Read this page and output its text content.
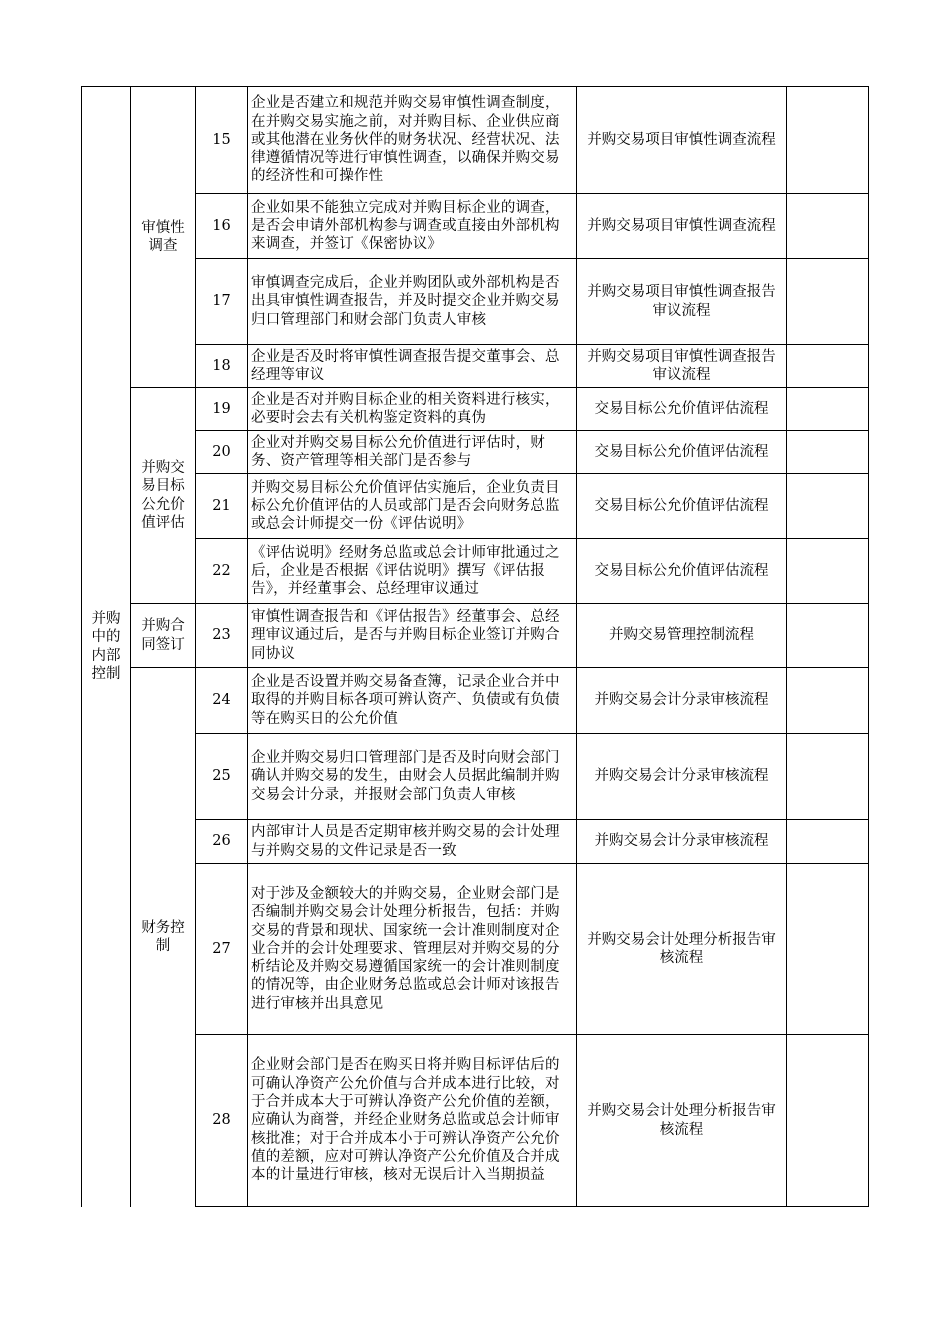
并购中的内部控制	审慎性调查	15	企业是否建立和规范并购交易审慎性调查制度，在并购交易实施之前，对并购目标、企业供应商或其他潜在业务伙伴的财务状况、经营状况、法律遵循情况等进行审慎性调查，以确保并购交易的经济性和可操作性	并购交易项目审慎性调查流程	
		16	企业如果不能独立完成对并购目标企业的调查，是否会申请外部机构参与调查或直接由外部机构来调查，并签订《保密协议》	并购交易项目审慎性调查流程	
		17	审慎调查完成后，企业并购团队或外部机构是否出具审慎性调查报告，并及时提交企业并购交易归口管理部门和财会部门负责人审核	并购交易项目审慎性调查报告审议流程	
		18	企业是否及时将审慎性调查报告提交董事会、总经理等审议	并购交易项目审慎性调查报告审议流程	
	并购交易目标公允价值评估	19	企业是否对并购目标企业的相关资料进行核实，必要时会去有关机构鉴定资料的真伪	交易目标公允价值评估流程	
		20	企业对并购交易目标公允价值进行评估时，财务、资产管理等相关部门是否参与	交易目标公允价值评估流程	
		21	并购交易目标公允价值评估实施后，企业负责目标公允价值评估的人员或部门是否会向财务总监或总会计师提交一份《评估说明》	交易目标公允价值评估流程	
		22	《评估说明》经财务总监或总会计师审批通过之后，企业是否根据《评估说明》撰写《评估报告》，并经董事会、总经理审议通过	交易目标公允价值评估流程	
	并购合同签订	23	审慎性调查报告和《评估报告》经董事会、总经理审议通过后，是否与并购目标企业签订并购合同协议	并购交易管理控制流程	
	财务控制	24	企业是否设置并购交易备查簿，记录企业合并中取得的并购目标各项可辨认资产、负债或有负债等在购买日的公允价值	并购交易会计分录审核流程	
		25	企业并购交易归口管理部门是否及时向财会部门确认并购交易的发生，由财会人员据此编制并购交易会计分录，并报财会部门负责人审核	并购交易会计分录审核流程	
		26	内部审计人员是否定期审核并购交易的会计处理与并购交易的文件记录是否一致	并购交易会计分录审核流程	
		27	对于涉及金额较大的并购交易，企业财会部门是否编制并购交易会计处理分析报告，包括：并购交易的背景和现状、国家统一会计准则制度对企业合并的会计处理要求、管理层对并购交易的分析结论及并购交易遵循国家统一的会计准则制度的情况等，由企业财务总监或总会计师对该报告进行审核并出具意见	并购交易会计处理分析报告审核流程	
		28	企业财会部门是否在购买日将并购目标评估后的可确认净资产公允价值与合并成本进行比较，对于合并成本大于可辨认净资产公允价值的差额，应确认为商誉，并经企业财务总监或总会计师审核批准；对于合并成本小于可辨认净资产公允价值的差额，应对可辨认净资产公允价值及合并成本的计量进行审核，核对无误后计入当期损益	并购交易会计处理分析报告审核流程	
